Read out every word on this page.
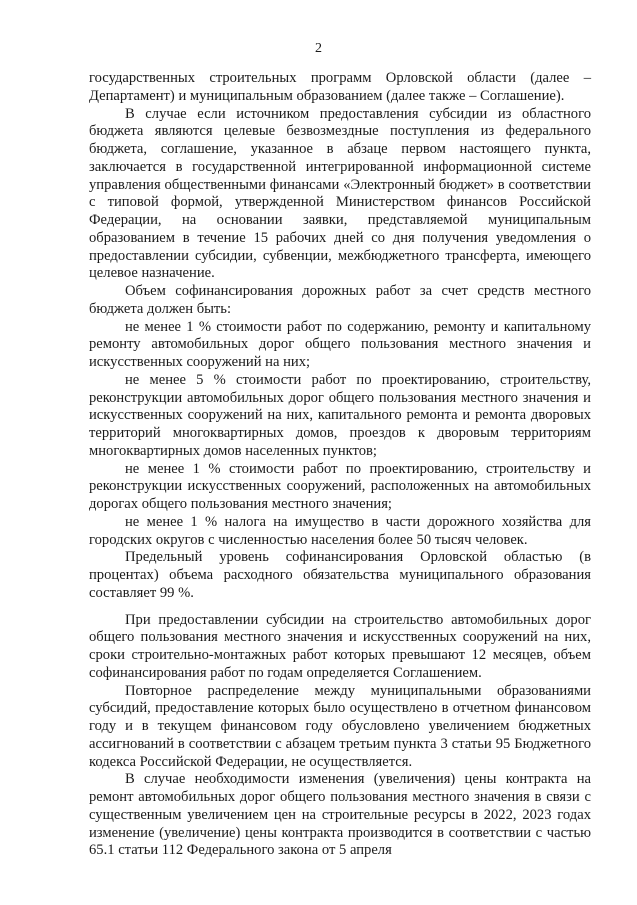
2

государственных строительных программ Орловской области (далее – Департамент) и муниципальным образованием (далее также – Соглашение).

В случае если источником предоставления субсидии из областного бюджета являются целевые безвозмездные поступления из федерального бюджета, соглашение, указанное в абзаце первом настоящего пункта, заключается в государственной интегрированной информационной системе управления общественными финансами «Электронный бюджет» в соответствии с типовой формой, утвержденной Министерством финансов Российской Федерации, на основании заявки, представляемой муниципальным образованием в течение 15 рабочих дней со дня получения уведомления о предоставлении субсидии, субвенции, межбюджетного трансферта, имеющего целевое назначение.

Объем софинансирования дорожных работ за счет средств местного бюджета должен быть:

не менее 1 % стоимости работ по содержанию, ремонту и капитальному ремонту автомобильных дорог общего пользования местного значения и искусственных сооружений на них;

не менее 5 % стоимости работ по проектированию, строительству, реконструкции автомобильных дорог общего пользования местного значения и искусственных сооружений на них, капитального ремонта и ремонта дворовых территорий многоквартирных домов, проездов к дворовым территориям многоквартирных домов населенных пунктов;

не менее 1 % стоимости работ по проектированию, строительству и реконструкции искусственных сооружений, расположенных на автомобильных дорогах общего пользования местного значения;

не менее 1 % налога на имущество в части дорожного хозяйства для городских округов с численностью населения более 50 тысяч человек.

Предельный уровень софинансирования Орловской областью (в процентах) объема расходного обязательства муниципального образования составляет 99 %.

При предоставлении субсидии на строительство автомобильных дорог общего пользования местного значения и искусственных сооружений на них, сроки строительно-монтажных работ которых превышают 12 месяцев, объем софинансирования работ по годам определяется Соглашением.

Повторное распределение между муниципальными образованиями субсидий, предоставление которых было осуществлено в отчетном финансовом году и в текущем финансовом году обусловлено увеличением бюджетных ассигнований в соответствии с абзацем третьим пункта 3 статьи 95 Бюджетного кодекса Российской Федерации, не осуществляется.

В случае необходимости изменения (увеличения) цены контракта на ремонт автомобильных дорог общего пользования местного значения в связи с существенным увеличением цен на строительные ресурсы в 2022, 2023 годах изменение (увеличение) цены контракта производится в соответствии с частью 65.1 статьи 112 Федерального закона от 5 апреля
